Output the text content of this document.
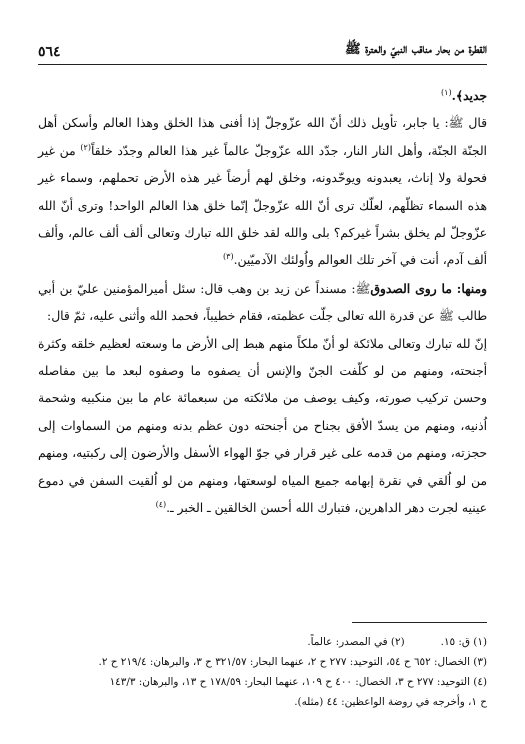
القطرة من بحار مناقب النبيّ والعترة ﷺ
٥٦٤

جديد﴾.$^{(١)}$

قال ﷺ: يا جابر، تأويل ذلك أنّ الله عزّوجلّ إذا أفنى هذا الخلق وهذا العالم وأسكن أهل الجنّة الجنّة، وأهل النار النار، جدّد الله عزّوجلّ عالماً غير هذا العالم وجدّد خلقاً$^{(٢)}$ من غير فحولة ولا إناث، يعبدونه ويوحّدونه، وخلق لهم أرضاً غير هذه الأرض تحملهم، وسماء غير هذه السماء تظلّهم، لعلّك ترى أنّ الله عزّوجلّ إنّما خلق هذا العالم الواحد! وترى أنّ الله عزّوجلّ لم يخلق بشراً غيركم؟ بلى والله لقد خلق الله تبارك وتعالى ألف ألف عالم، وألف ألف آدم، أنت في آخر تلك العوالم واُولئك الآدميّين.$^{(٣)}$

ومنها: ما روى الصدوقﷺ: مسنداً عن زيد بن وهب قال: سئل أميرالمؤمنين عليّ بن أبي طالب ﷺ عن قدرة الله تعالى جلّت عظمته، فقام خطيباً، فحمد الله وأثنى عليه، ثمّ قال:

إنّ لله تبارك وتعالى ملائكة لو أنّ ملكاً منهم هبط إلى الأرض ما وسعته لعظيم خلقه وكثرة أجنحته، ومنهم من لو كلّفت الجنّ والإنس أن يصفوه ما وصفوه لبعد ما بين مفاصله وحسن تركيب صورته، وكيف يوصف من ملائكته من سبعمائة عام ما بين منكبيه وشحمة اُذنيه، ومنهم من يسدّ الأفق بجناح من أجنحته دون عظم بدنه ومنهم من السماوات إلى حجزته، ومنهم من قدمه على غير قرار في جوّ الهواء الأسفل والأرضون إلى ركبتيه، ومنهم من لو اُلقي في نقرة إبهامه جميع المياه لوسعتها، ومنهم من لو اُلقيت السفن في دموع عينيه لجرت دهر الداهرين، فتبارك الله أحسن الخالقين ـ الخبر ـ.$^{(٤)}$

(١) ق: ١٥.
(٢) في المصدر: عالماً.

(٣) الخصال: ٦٥٢ ح ٥٤، التوحيد: ٢٧٧ ح ٢، عنهما البحار: ٣٢١/٥٧ ح ٣، والبرهان: ٢١٩/٤ ح ٢.

(٤) التوحيد: ٢٧٧ ح ٣، الخصال: ٤٠٠ ح ١٠٩، عنهما البحار: ١٧٨/٥٩ ح ١٣، والبرهان: ١٤٣/٣

ح ١، وأخرجه في روضة الواعظين: ٤٤ (مثله).
